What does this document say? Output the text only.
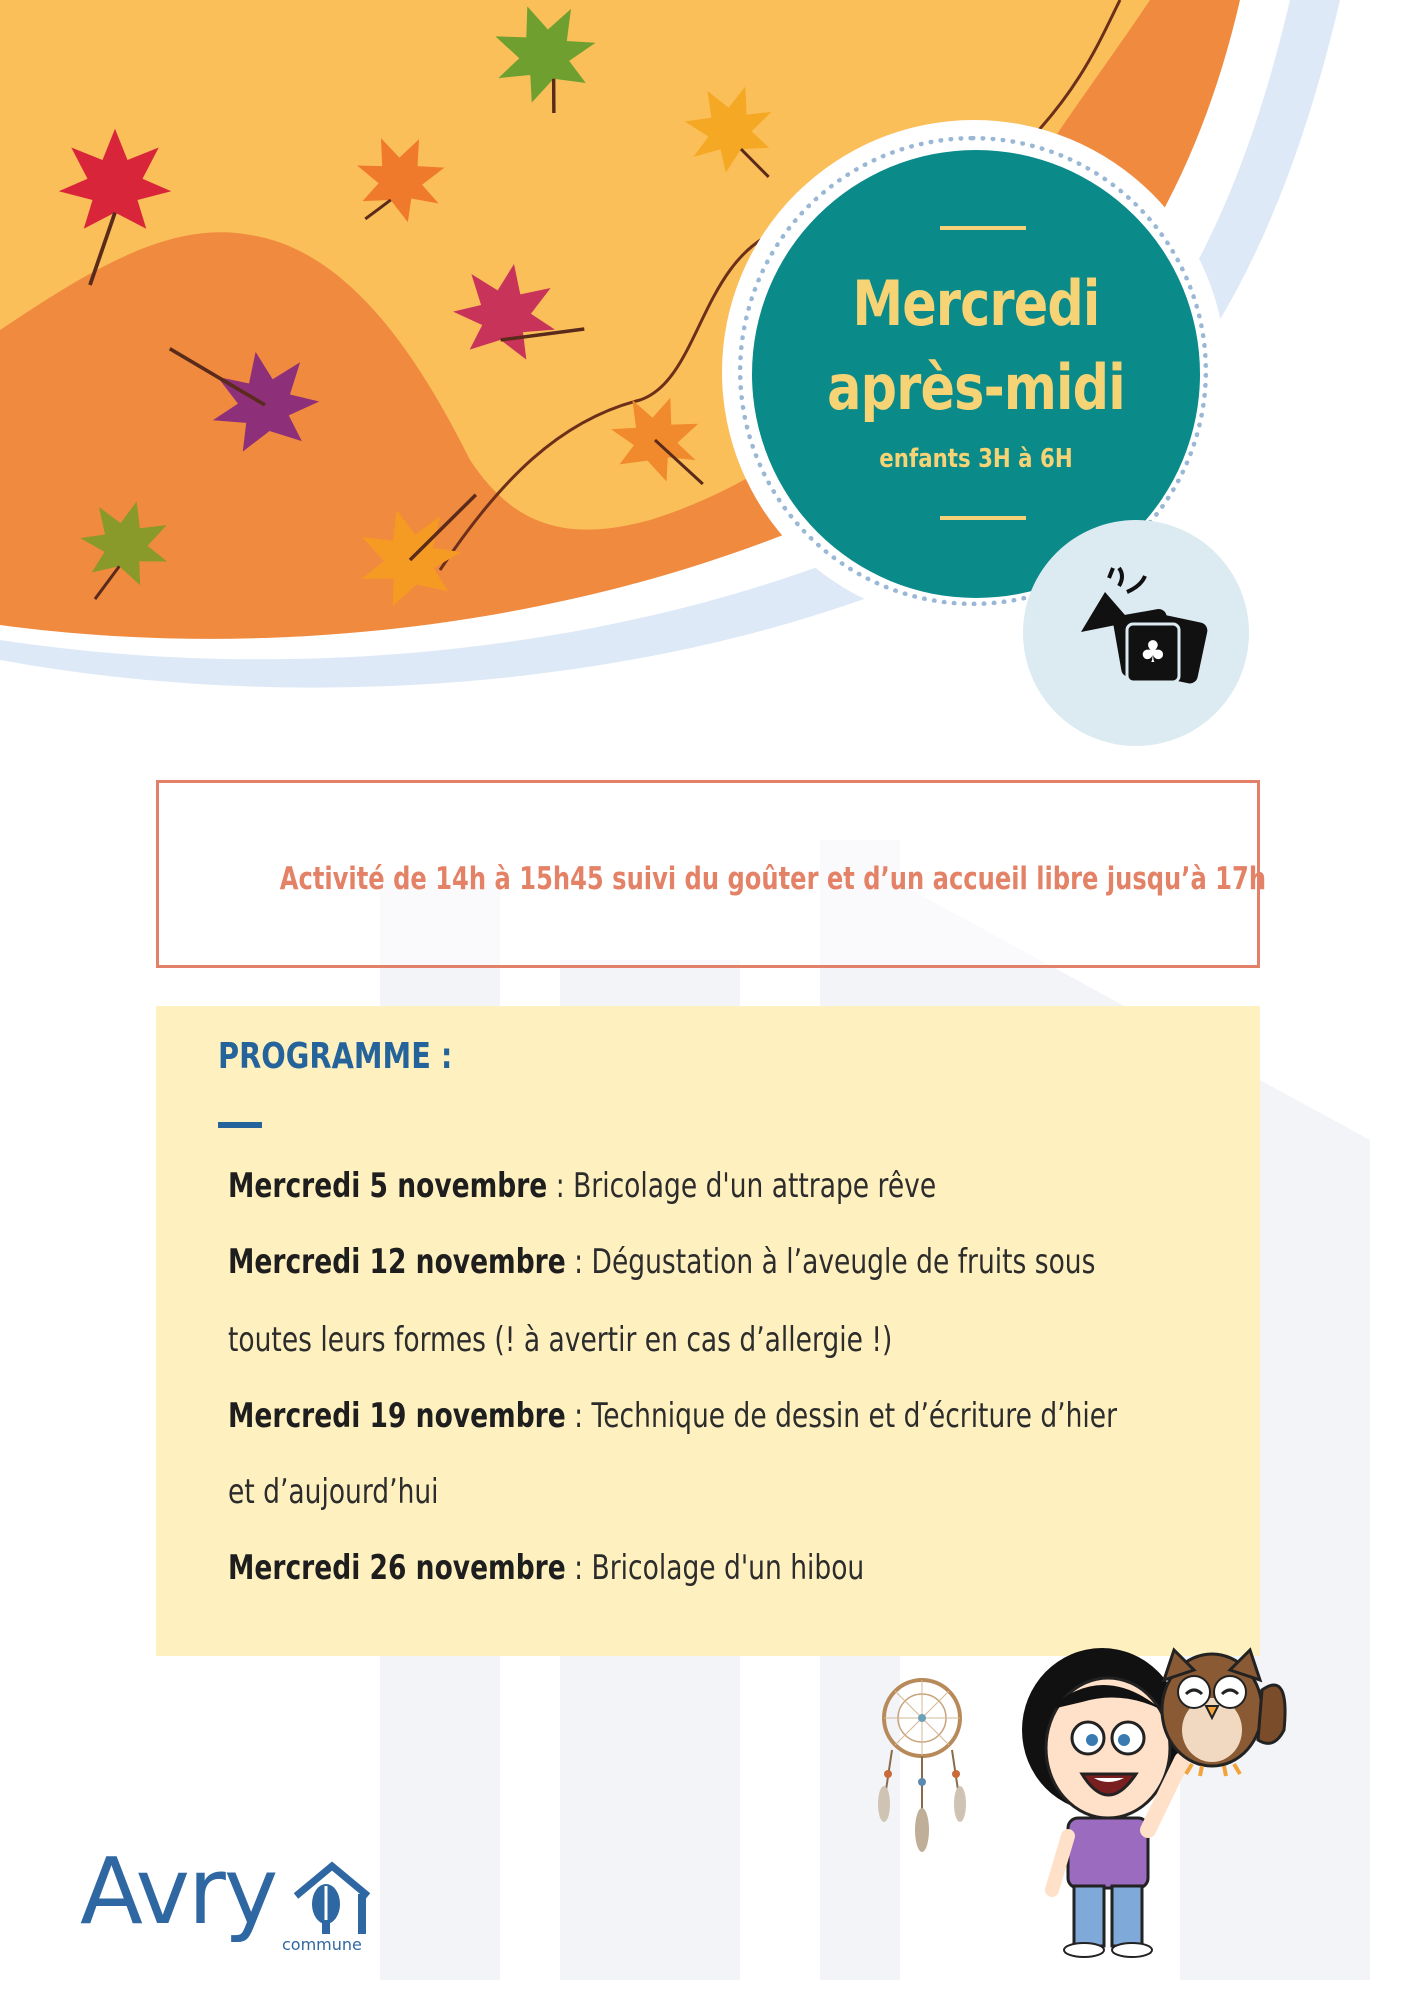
Mercredi
après-midi
enfants 3H à 6H
♣
Activité de 14h à 15h45 suivi du goûter et d’un accueil libre jusqu’à 17h
PROGRAMME :
Mercredi 5 novembre : Bricolage d'un attrape rêve
Mercredi 12 novembre : Dégustation à l’aveugle de fruits sous
toutes leurs formes (! à avertir en cas d’allergie !)
Mercredi 19 novembre : Technique de dessin et d’écriture d’hier
et d’aujourd’hui
Mercredi 26 novembre : Bricolage d'un hibou
Avry commune
